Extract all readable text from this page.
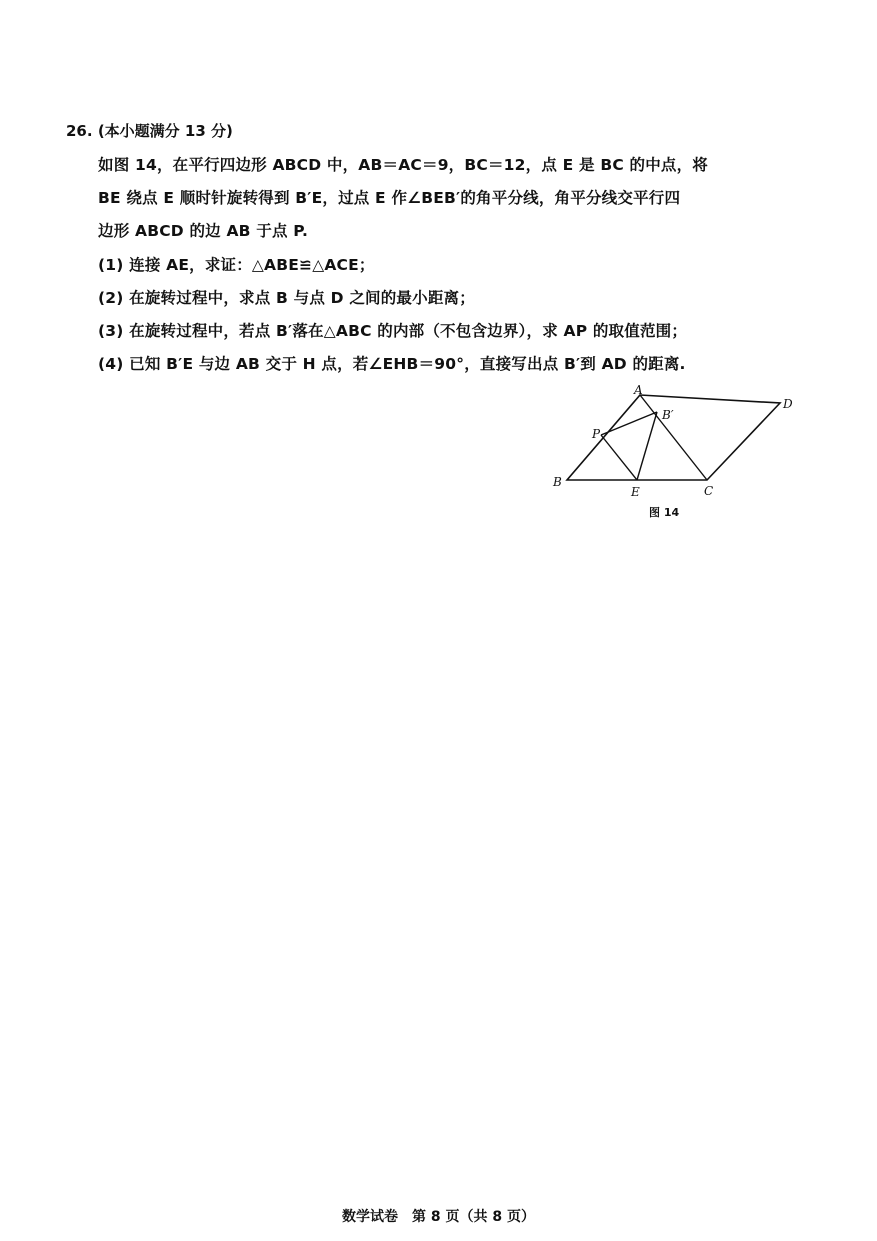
26. (本小题满分 13 分)
如图 14，在平行四边形 ABCD 中，AB＝AC＝9，BC＝12，点 E 是 BC 的中点，将
BE 绕点 E 顺时针旋转得到 B′E，过点 E 作∠BEB′的角平分线，角平分线交平行四
边形 ABCD 的边 AB 于点 P.
(1) 连接 AE，求证：△ABE≌△ACE；
(2) 在旋转过程中，求点 B 与点 D 之间的最小距离；
(3) 在旋转过程中，若点 B′落在△ABC 的内部（不包含边界），求 AP 的取值范围；
(4) 已知 B′E 与边 AB 交于 H 点，若∠EHB＝90°，直接写出点 B′到 AD 的距离.
A
D
B′
P
B
E	C
图 14
数学试卷　第 8 页（共 8 页）
